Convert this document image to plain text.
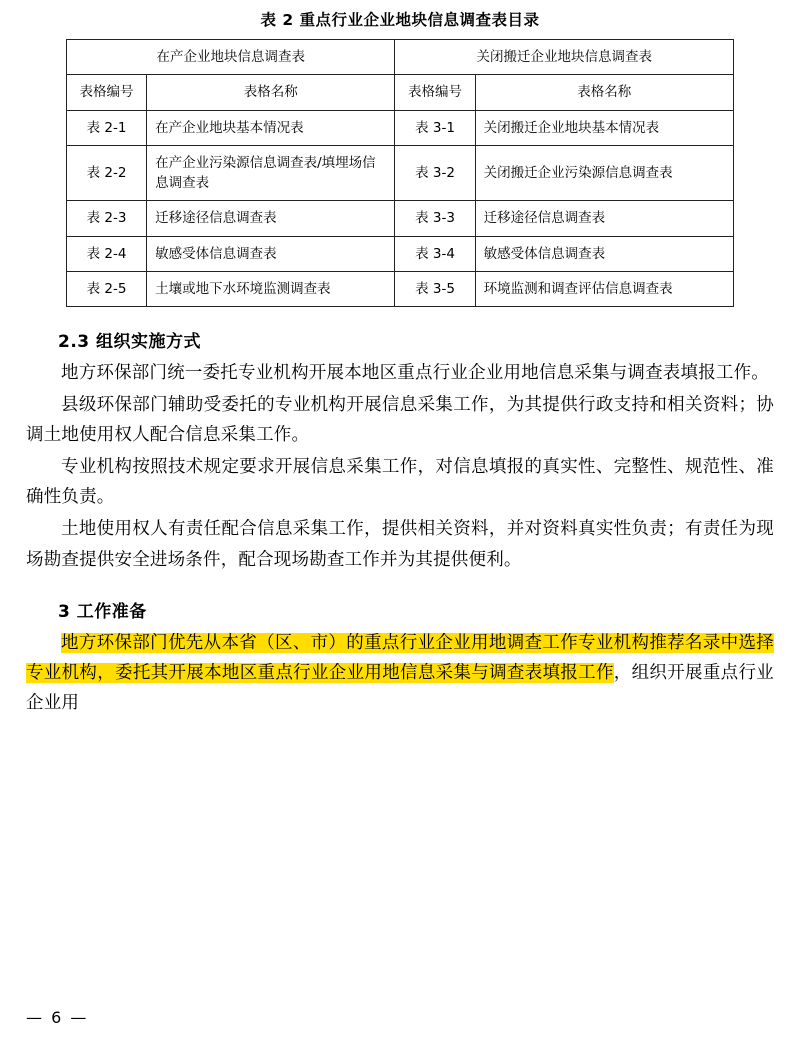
表 2 重点行业企业地块信息调查表目录
在产企业地块信息调查表		关闭搬迁企业地块信息调查表	
表格编号	表格名称	表格编号	表格名称
表 2-1	在产企业地块基本情况表	表 3-1	关闭搬迁企业地块基本情况表
表 2-2	在产企业污染源信息调查表/填埋场信息调查表	表 3-2	关闭搬迁企业污染源信息调查表
表 2-3	迁移途径信息调查表	表 3-3	迁移途径信息调查表
表 2-4	敏感受体信息调查表	表 3-4	敏感受体信息调查表
表 2-5	土壤或地下水环境监测调查表	表 3-5	环境监测和调查评估信息调查表
2.3 组织实施方式

地方环保部门统一委托专业机构开展本地区重点行业企业用地信息采集与调查表填报工作。

县级环保部门辅助受委托的专业机构开展信息采集工作，为其提供行政支持和相关资料；协调土地使用权人配合信息采集工作。

专业机构按照技术规定要求开展信息采集工作，对信息填报的真实性、完整性、规范性、准确性负责。

土地使用权人有责任配合信息采集工作，提供相关资料，并对资料真实性负责；有责任为现场勘查提供安全进场条件，配合现场勘查工作并为其提供便利。

3 工作准备

地方环保部门优先从本省（区、市）的重点行业企业用地调查工作专业机构推荐名录中选择专业机构，委托其开展本地区重点行业企业用地信息采集与调查表填报工作，组织开展重点行业企业用

— 6 —
